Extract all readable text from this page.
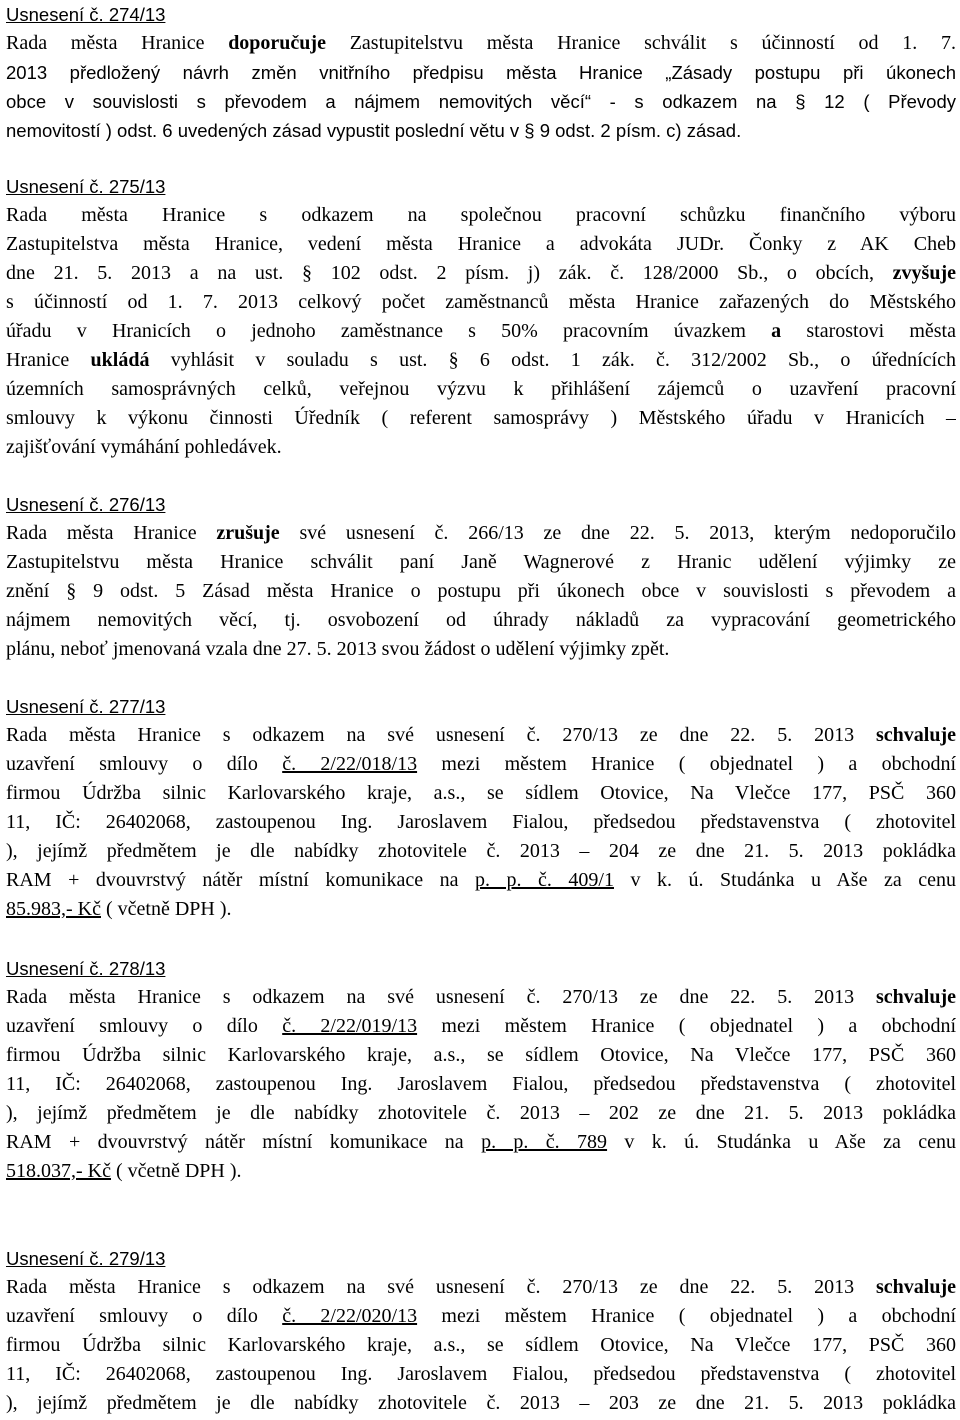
Usnesení č. 274/13
Rada města Hranice doporučuje Zastupitelstvu města Hranice schválit s účinností od 1. 7.
2013 předložený návrh změn vnitřního předpisu města Hranice „Zásady postupu při úkonech
obce v souvislosti s převodem a nájmem nemovitých věcí“ - s odkazem na § 12 ( Převody
nemovitostí ) odst. 6 uvedených zásad vypustit poslední větu v § 9 odst. 2 písm. c) zásad.
Usnesení č. 275/13
Rada města Hranice s odkazem na společnou pracovní schůzku finančního výboru
Zastupitelstva města Hranice, vedení města Hranice a advokáta JUDr. Čonky z AK Cheb
dne 21. 5. 2013 a na ust. § 102 odst. 2 písm. j) zák. č. 128/2000 Sb., o obcích, zvyšuje
s účinností od 1. 7. 2013 celkový počet zaměstnanců města Hranice zařazených do Městského
úřadu v Hranicích o jednoho zaměstnance s 50% pracovním úvazkem a starostovi města
Hranice ukládá vyhlásit v souladu s ust. § 6 odst. 1 zák. č. 312/2002 Sb., o úřednících
územních samosprávných celků, veřejnou výzvu k přihlášení zájemců o uzavření pracovní
smlouvy k výkonu činnosti Úředník ( referent samosprávy ) Městského úřadu v Hranicích –
zajišťování vymáhání pohledávek.
Usnesení č. 276/13
Rada města Hranice zrušuje své usnesení č. 266/13 ze dne 22. 5. 2013, kterým nedoporučilo
Zastupitelstvu města Hranice schválit paní Janě Wagnerové z Hranic udělení výjimky ze
znění § 9 odst. 5 Zásad města Hranice o postupu při úkonech obce v souvislosti s převodem a
nájmem nemovitých věcí, tj. osvobození od úhrady nákladů za vypracování geometrického
plánu, neboť jmenovaná vzala dne 27. 5. 2013 svou žádost o udělení výjimky zpět.
Usnesení č. 277/13
Rada města Hranice s odkazem na své usnesení č. 270/13 ze dne 22. 5. 2013 schvaluje
uzavření smlouvy o dílo č. 2/22/018/13 mezi městem Hranice ( objednatel ) a obchodní
firmou Údržba silnic Karlovarského kraje, a.s., se sídlem Otovice, Na Vlečce 177, PSČ 360
11, IČ: 26402068, zastoupenou Ing. Jaroslavem Fialou, předsedou představenstva ( zhotovitel
), jejímž předmětem je dle nabídky zhotovitele č. 2013 – 204 ze dne 21. 5. 2013 pokládka
RAM + dvouvrstvý nátěr místní komunikace na p. p. č. 409/1 v k. ú. Studánka u Aše za cenu
85.983,- Kč ( včetně DPH ).
Usnesení č. 278/13
Rada města Hranice s odkazem na své usnesení č. 270/13 ze dne 22. 5. 2013 schvaluje
uzavření smlouvy o dílo č. 2/22/019/13 mezi městem Hranice ( objednatel ) a obchodní
firmou Údržba silnic Karlovarského kraje, a.s., se sídlem Otovice, Na Vlečce 177, PSČ 360
11, IČ: 26402068, zastoupenou Ing. Jaroslavem Fialou, předsedou představenstva ( zhotovitel
), jejímž předmětem je dle nabídky zhotovitele č. 2013 – 202 ze dne 21. 5. 2013 pokládka
RAM + dvouvrstvý nátěr místní komunikace na p. p. č. 789 v k. ú. Studánka u Aše za cenu
518.037,- Kč ( včetně DPH ).
Usnesení č. 279/13
Rada města Hranice s odkazem na své usnesení č. 270/13 ze dne 22. 5. 2013 schvaluje
uzavření smlouvy o dílo č. 2/22/020/13 mezi městem Hranice ( objednatel ) a obchodní
firmou Údržba silnic Karlovarského kraje, a.s., se sídlem Otovice, Na Vlečce 177, PSČ 360
11, IČ: 26402068, zastoupenou Ing. Jaroslavem Fialou, předsedou představenstva ( zhotovitel
), jejímž předmětem je dle nabídky zhotovitele č. 2013 – 203 ze dne 21. 5. 2013 pokládka
